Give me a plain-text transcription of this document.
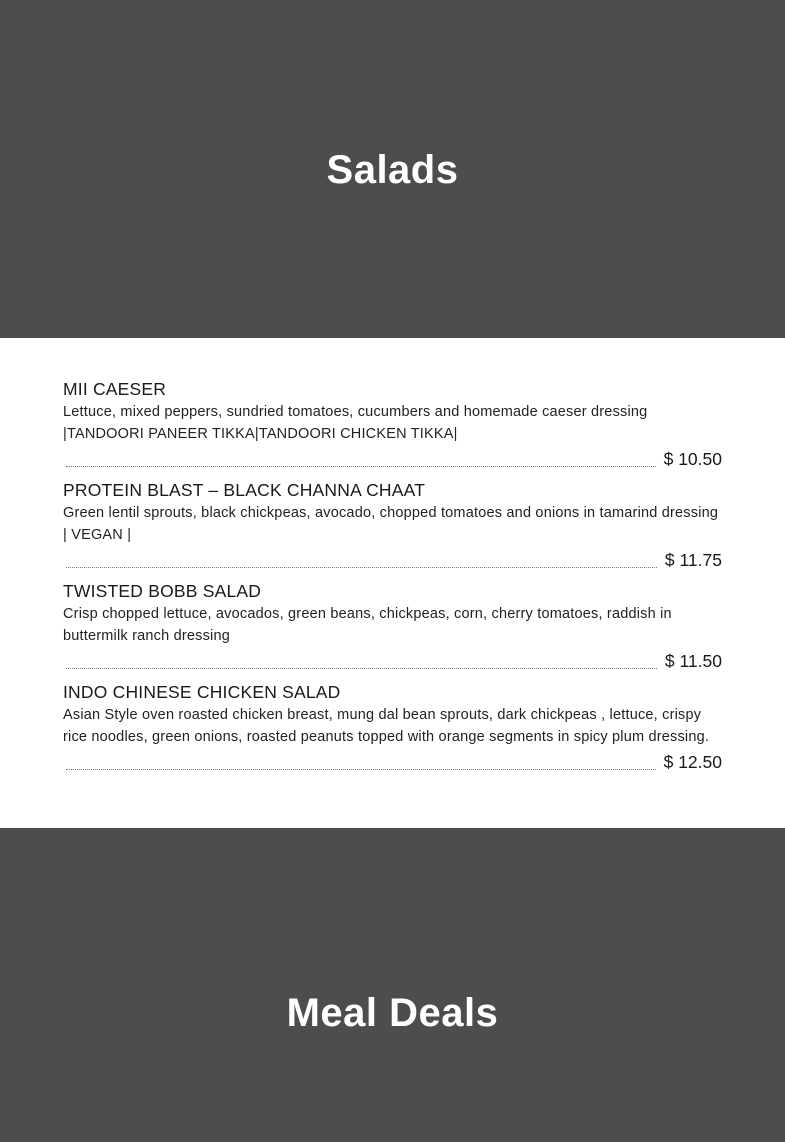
Salads
MII CAESER
Lettuce, mixed peppers, sundried tomatoes, cucumbers and homemade caeser dressing |TANDOORI PANEER TIKKA|TANDOORI CHICKEN TIKKA|
$ 10.50
PROTEIN BLAST – BLACK CHANNA CHAAT
Green lentil sprouts, black chickpeas, avocado, chopped tomatoes and onions in tamarind dressing | VEGAN |
$ 11.75
TWISTED BOBB SALAD
Crisp chopped lettuce, avocados, green beans, chickpeas, corn, cherry tomatoes, raddish in buttermilk ranch dressing
$ 11.50
INDO CHINESE CHICKEN SALAD
Asian Style oven roasted chicken breast, mung dal bean sprouts, dark chickpeas , lettuce, crispy rice noodles, green onions, roasted peanuts topped with orange segments in spicy plum dressing.
$ 12.50
Meal Deals
